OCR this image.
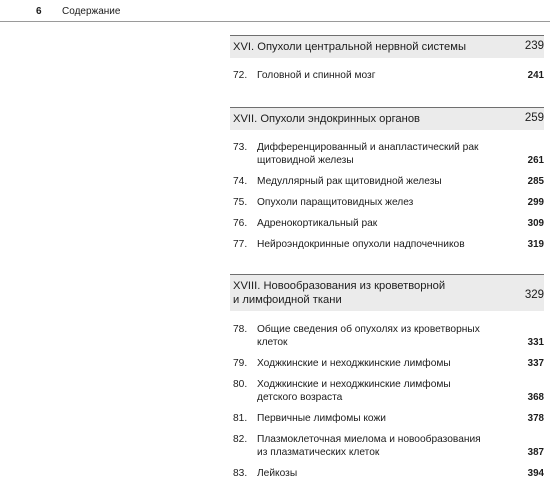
6 Содержание
XVI. Опухоли центральной нервной системы	239
72. Головной и спинной мозг	241
XVII. Опухоли эндокринных органов	259
73. Дифференцированный и анапластический рак
щитовидной железы	261
74. Медуллярный рак щитовидной железы	285
75. Опухоли паращитовидных желез	299
76. Адренокортикальный рак	309
77. Нейроэндокринные опухоли надпочечников	319
XVIII. Новообразования из кроветворной
и лимфоидной ткани	329
78. Общие сведения об опухолях из кроветворных клеток	331
79. Ходжкинские и неходжкинские лимфомы	337
80. Ходжкинские и неходжкинские лимфомы
детского возраста	368
81. Первичные лимфомы кожи	378
82. Плазмоклеточная миелома и новообразования
из плазматических клеток	387
83. Лейкозы	394
